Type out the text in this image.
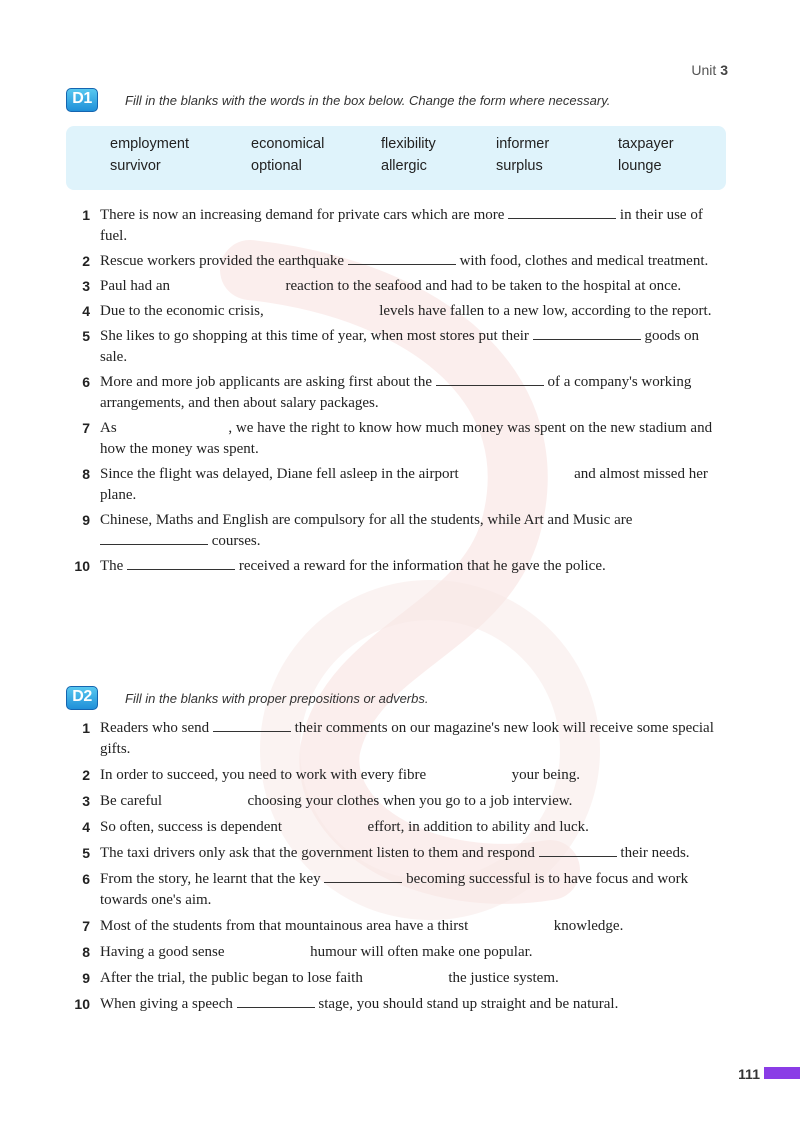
Unit 3
D1	Fill in the blanks with the words in the box below. Change the form where necessary.
employment	economical	flexibility	informer	taxpayer
survivor	optional	allergic	surplus	lounge
1 There is now an increasing demand for private cars which are more	in their use of fuel.
2 Rescue workers provided the earthquake	with food, clothes and medical treatment.
3 Paul had an	reaction to the seafood and had to be taken to the hospital at once.
4 Due to the economic crisis,	levels have fallen to a new low, according to the report.
5 She likes to go shopping at this time of year, when most stores put their	goods on sale.
6 More and more job applicants are asking first about the	of a company's working arrangements, and then about salary packages.
7 As	, we have the right to know how much money was spent on the new stadium and how the money was spent.
8 Since the flight was delayed, Diane fell asleep in the airport	and almost missed her plane.
9 Chinese, Maths and English are compulsory for all the students, while Art and Music are  courses.
10 The	received a reward for the information that he gave the police.
D2	Fill in the blanks with proper prepositions or adverbs.
1 Readers who send	their comments on our magazine's new look will receive some special gifts.
2 In order to succeed, you need to work with every fibre	your being.
3 Be careful	choosing your clothes when you go to a job interview.
4 So often, success is dependent	effort, in addition to ability and luck.
5 The taxi drivers only ask that the government listen to them and respond	their needs.
6 From the story, he learnt that the key	becoming successful is to have focus and work towards one's aim.
7 Most of the students from that mountainous area have a thirst	knowledge.
8 Having a good sense	humour will often make one popular.
9 After the trial, the public began to lose faith	the justice system.
10 When giving a speech	stage, you should stand up straight and be natural.
111
